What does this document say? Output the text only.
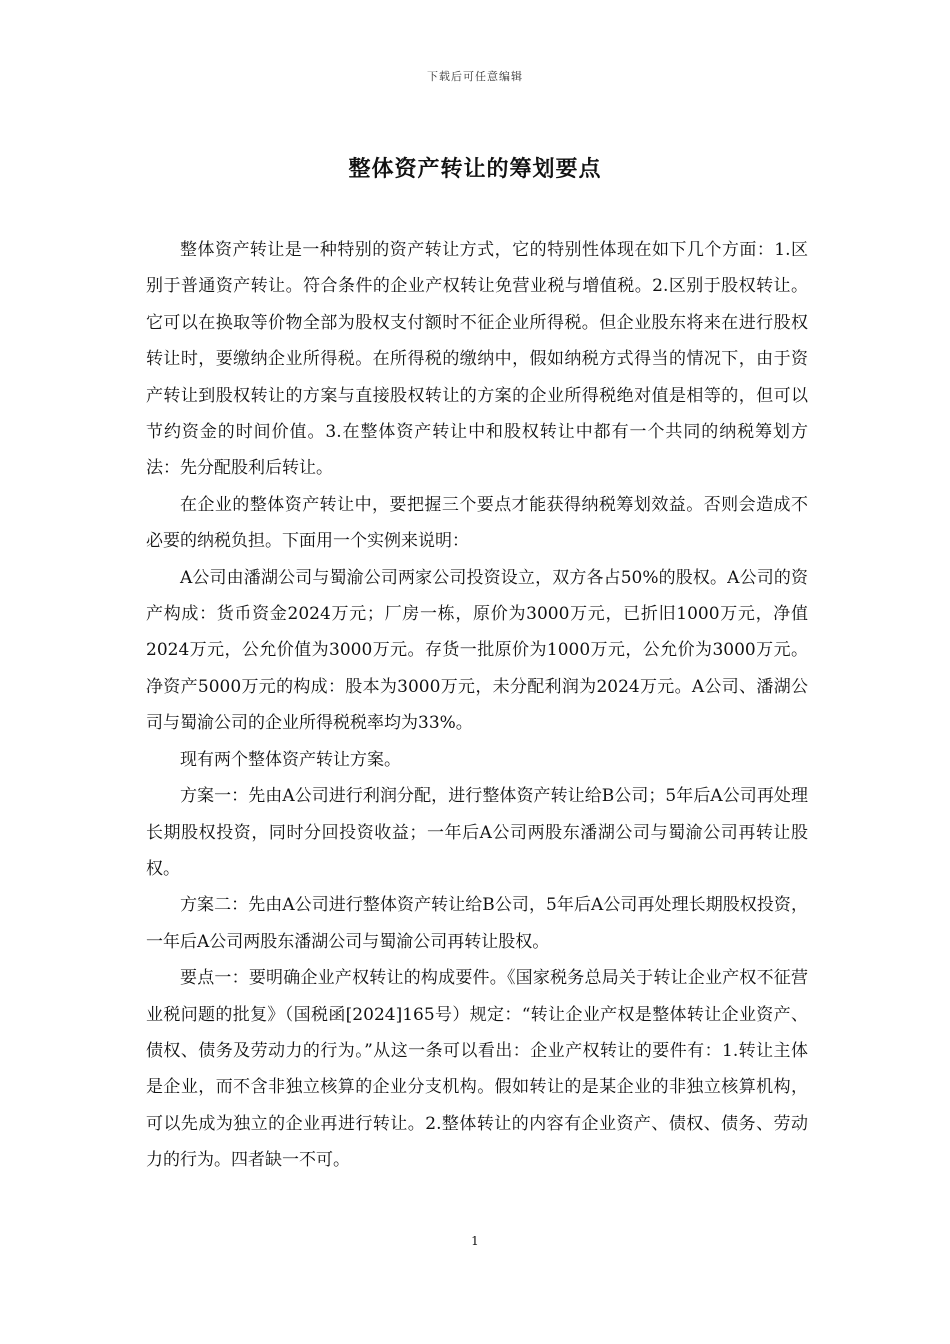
下载后可任意编辑
整体资产转让的筹划要点

整体资产转让是一种特别的资产转让方式，它的特别性体现在如下几个方面：1.区别于普通资产转让。符合条件的企业产权转让免营业税与增值税。2.区别于股权转让。它可以在换取等价物全部为股权支付额时不征企业所得税。但企业股东将来在进行股权转让时，要缴纳企业所得税。在所得税的缴纳中，假如纳税方式得当的情况下，由于资产转让到股权转让的方案与直接股权转让的方案的企业所得税绝对值是相等的，但可以节约资金的时间价值。3.在整体资产转让中和股权转让中都有一个共同的纳税筹划方法：先分配股利后转让。

在企业的整体资产转让中，要把握三个要点才能获得纳税筹划效益。否则会造成不必要的纳税负担。下面用一个实例来说明：

A公司由潘湖公司与蜀渝公司两家公司投资设立，双方各占50%的股权。A公司的资产构成：货币资金2024万元；厂房一栋，原价为3000万元，已折旧1000万元，净值2024万元，公允价值为3000万元。存货一批原价为1000万元，公允价为3000万元。净资产5000万元的构成：股本为3000万元，未分配利润为2024万元。A公司、潘湖公司与蜀渝公司的企业所得税税率均为33%。

现有两个整体资产转让方案。

方案一：先由A公司进行利润分配，进行整体资产转让给B公司；5年后A公司再处理长期股权投资，同时分回投资收益；一年后A公司两股东潘湖公司与蜀渝公司再转让股权。

方案二：先由A公司进行整体资产转让给B公司，5年后A公司再处理长期股权投资，一年后A公司两股东潘湖公司与蜀渝公司再转让股权。

要点一：要明确企业产权转让的构成要件。《国家税务总局关于转让企业产权不征营业税问题的批复》（国税函[2024]165号）规定：“转让企业产权是整体转让企业资产、债权、债务及劳动力的行为。”从这一条可以看出：企业产权转让的要件有：1.转让主体是企业，而不含非独立核算的企业分支机构。假如转让的是某企业的非独立核算机构，可以先成为独立的企业再进行转让。2.整体转让的内容有企业资产、债权、债务、劳动力的行为。四者缺一不可。

1
